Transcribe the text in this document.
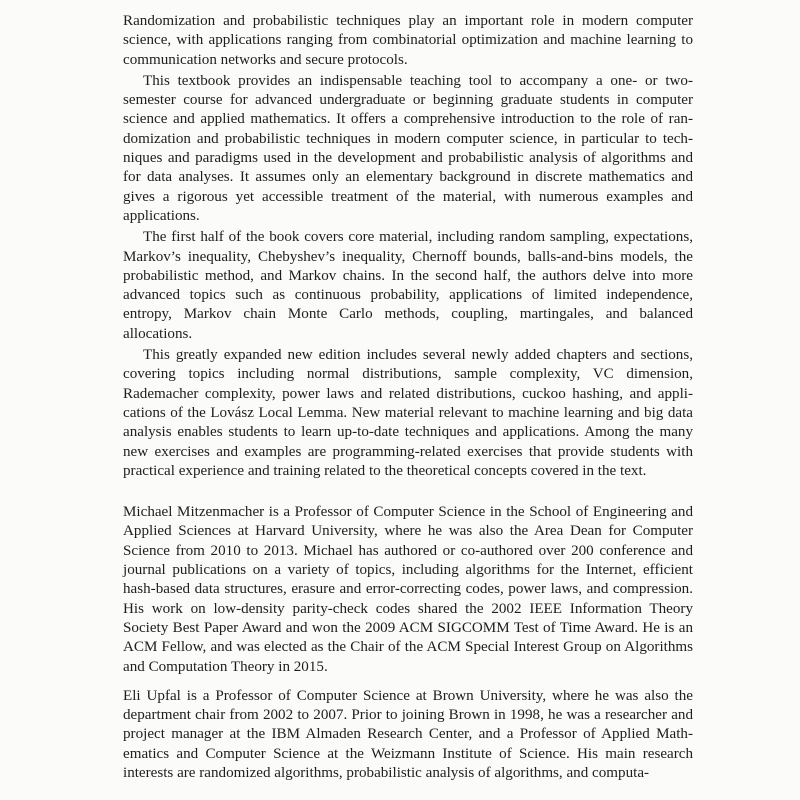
Randomization and probabilistic techniques play an important role in modern computer science, with applications ranging from combinatorial optimization and machine learning to communication networks and secure protocols.

This textbook provides an indispensable teaching tool to accompany a one- or two-semester course for advanced undergraduate or beginning graduate students in computer science and applied mathematics. It offers a comprehensive introduction to the role of randomization and probabilistic techniques in modern computer science, in particular to techniques and paradigms used in the development and probabilistic analysis of algorithms and for data analyses. It assumes only an elementary background in discrete mathematics and gives a rigorous yet accessible treatment of the material, with numerous examples and applications.

The first half of the book covers core material, including random sampling, expectations, Markov’s inequality, Chebyshev’s inequality, Chernoff bounds, balls-and-bins models, the probabilistic method, and Markov chains. In the second half, the authors delve into more advanced topics such as continuous probability, applications of limited independence, entropy, Markov chain Monte Carlo methods, coupling, martingales, and balanced allocations.

This greatly expanded new edition includes several newly added chapters and sections, covering topics including normal distributions, sample complexity, VC dimension, Rademacher complexity, power laws and related distributions, cuckoo hashing, and applications of the Lovász Local Lemma. New material relevant to machine learning and big data analysis enables students to learn up-to-date techniques and applications. Among the many new exercises and examples are programming-related exercises that provide students with practical experience and training related to the theoretical concepts covered in the text.

Michael Mitzenmacher is a Professor of Computer Science in the School of Engineering and Applied Sciences at Harvard University, where he was also the Area Dean for Computer Science from 2010 to 2013. Michael has authored or co-authored over 200 conference and journal publications on a variety of topics, including algorithms for the Internet, efficient hash-based data structures, erasure and error-correcting codes, power laws, and compression. His work on low-density parity-check codes shared the 2002 IEEE Information Theory Society Best Paper Award and won the 2009 ACM SIGCOMM Test of Time Award. He is an ACM Fellow, and was elected as the Chair of the ACM Special Interest Group on Algorithms and Computation Theory in 2015.

Eli Upfal is a Professor of Computer Science at Brown University, where he was also the department chair from 2002 to 2007. Prior to joining Brown in 1998, he was a researcher and project manager at the IBM Almaden Research Center, and a Professor of Applied Mathematics and Computer Science at the Weizmann Institute of Science. His main research interests are randomized algorithms, probabilistic analysis of algorithms, and computa-
